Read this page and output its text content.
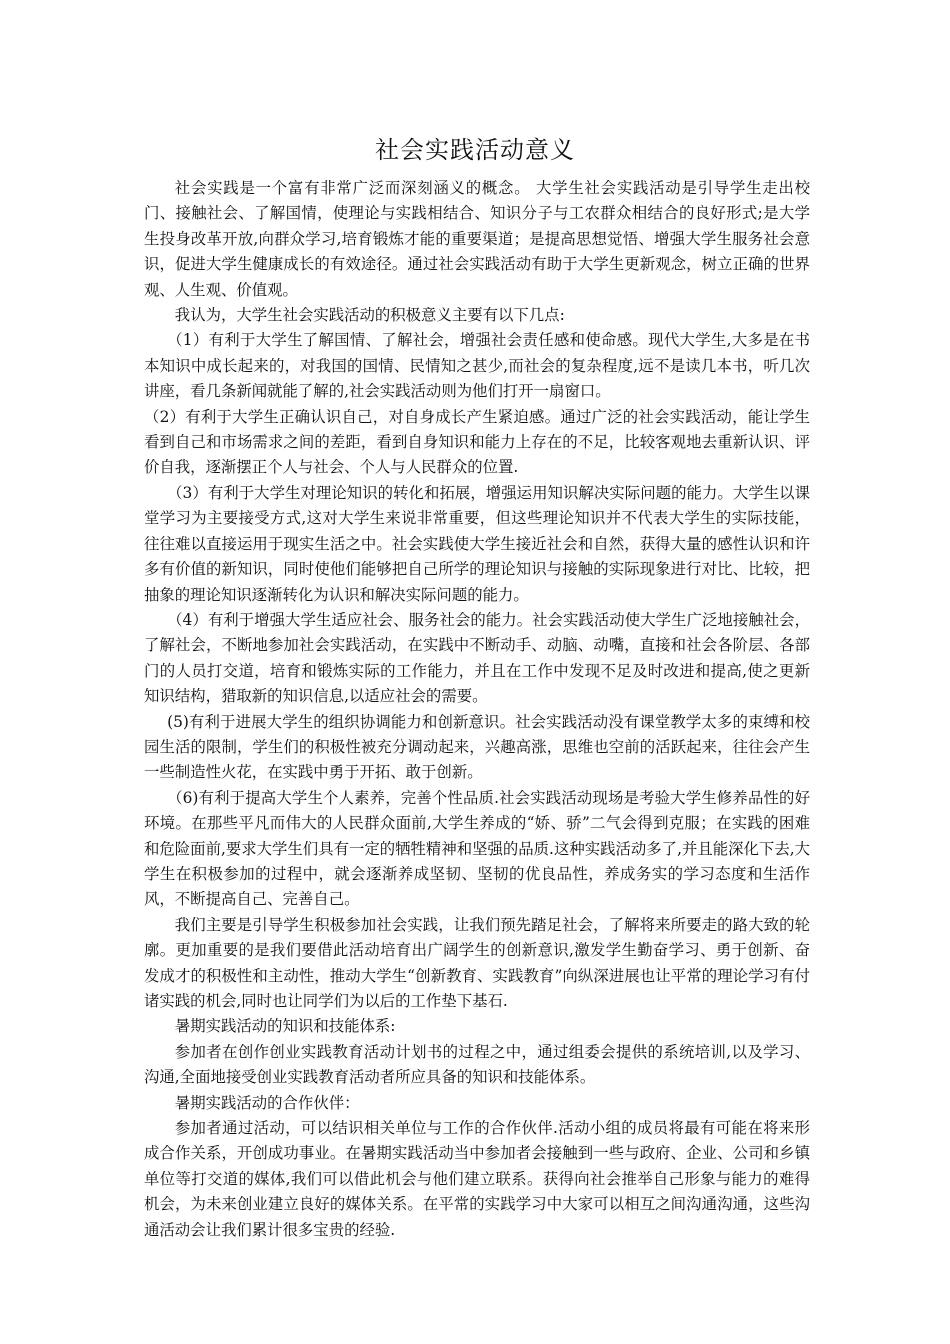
社会实践活动意义

社会实践是一个富有非常广泛而深刻涵义的概念。 大学生社会实践活动是引导学生走出校门、接触社会、了解国情，使理论与实践相结合、知识分子与工农群众相结合的良好形式;是大学生投身改革开放,向群众学习,培育锻炼才能的重要渠道；是提高思想觉悟、增强大学生服务社会意识，促进大学生健康成长的有效途径。通过社会实践活动有助于大学生更新观念，树立正确的世界观、人生观、价值观。

我认为，大学生社会实践活动的积极意义主要有以下几点:

（1）有利于大学生了解国情、了解社会，增强社会责任感和使命感。现代大学生,大多是在书本知识中成长起来的，对我国的国情、民情知之甚少,而社会的复杂程度,远不是读几本书，听几次讲座，看几条新闻就能了解的,社会实践活动则为他们打开一扇窗口。

（2）有利于大学生正确认识自己，对自身成长产生紧迫感。通过广泛的社会实践活动，能让学生看到自己和市场需求之间的差距，看到自身知识和能力上存在的不足，比较客观地去重新认识、评价自我，逐渐摆正个人与社会、个人与人民群众的位置.

（3）有利于大学生对理论知识的转化和拓展，增强运用知识解决实际问题的能力。大学生以课堂学习为主要接受方式,这对大学生来说非常重要，但这些理论知识并不代表大学生的实际技能，往往难以直接运用于现实生活之中。社会实践使大学生接近社会和自然，获得大量的感性认识和许多有价值的新知识，同时使他们能够把自己所学的理论知识与接触的实际现象进行对比、比较，把抽象的理论知识逐渐转化为认识和解决实际问题的能力。

（4）有利于增强大学生适应社会、服务社会的能力。社会实践活动使大学生广泛地接触社会，了解社会，不断地参加社会实践活动，在实践中不断动手、动脑、动嘴，直接和社会各阶层、各部门的人员打交道，培育和锻炼实际的工作能力，并且在工作中发现不足及时改进和提高,使之更新知识结构，猎取新的知识信息,以适应社会的需要。

(5)有利于进展大学生的组织协调能力和创新意识。社会实践活动没有课堂教学太多的束缚和校园生活的限制，学生们的积极性被充分调动起来，兴趣高涨，思维也空前的活跃起来，往往会产生一些制造性火花，在实践中勇于开拓、敢于创新。

（6)有利于提高大学生个人素养，完善个性品质.社会实践活动现场是考验大学生修养品性的好环境。在那些平凡而伟大的人民群众面前,大学生养成的“娇、骄”二气会得到克服；在实践的困难和危险面前,要求大学生们具有一定的牺牲精神和坚强的品质.这种实践活动多了,并且能深化下去,大学生在积极参加的过程中，就会逐渐养成坚韧、坚韧的优良品性，养成务实的学习态度和生活作风，不断提高自己、完善自己。

我们主要是引导学生积极参加社会实践，让我们预先踏足社会，了解将来所要走的路大致的轮廓。更加重要的是我们要借此活动培育出广阔学生的创新意识,激发学生勤奋学习、勇于创新、奋发成才的积极性和主动性，推动大学生“创新教育、实践教育”向纵深进展也让平常的理论学习有付诸实践的机会,同时也让同学们为以后的工作垫下基石.

暑期实践活动的知识和技能体系:

参加者在创作创业实践教育活动计划书的过程之中，通过组委会提供的系统培训,以及学习、沟通,全面地接受创业实践教育活动者所应具备的知识和技能体系。

暑期实践活动的合作伙伴：

参加者通过活动，可以结识相关单位与工作的合作伙伴.活动小组的成员将最有可能在将来形成合作关系，开创成功事业。在暑期实践活动当中参加者会接触到一些与政府、企业、公司和乡镇单位等打交道的媒体,我们可以借此机会与他们建立联系。获得向社会推举自己形象与能力的难得机会，为未来创业建立良好的媒体关系。在平常的实践学习中大家可以相互之间沟通沟通，这些沟通活动会让我们累计很多宝贵的经验.
